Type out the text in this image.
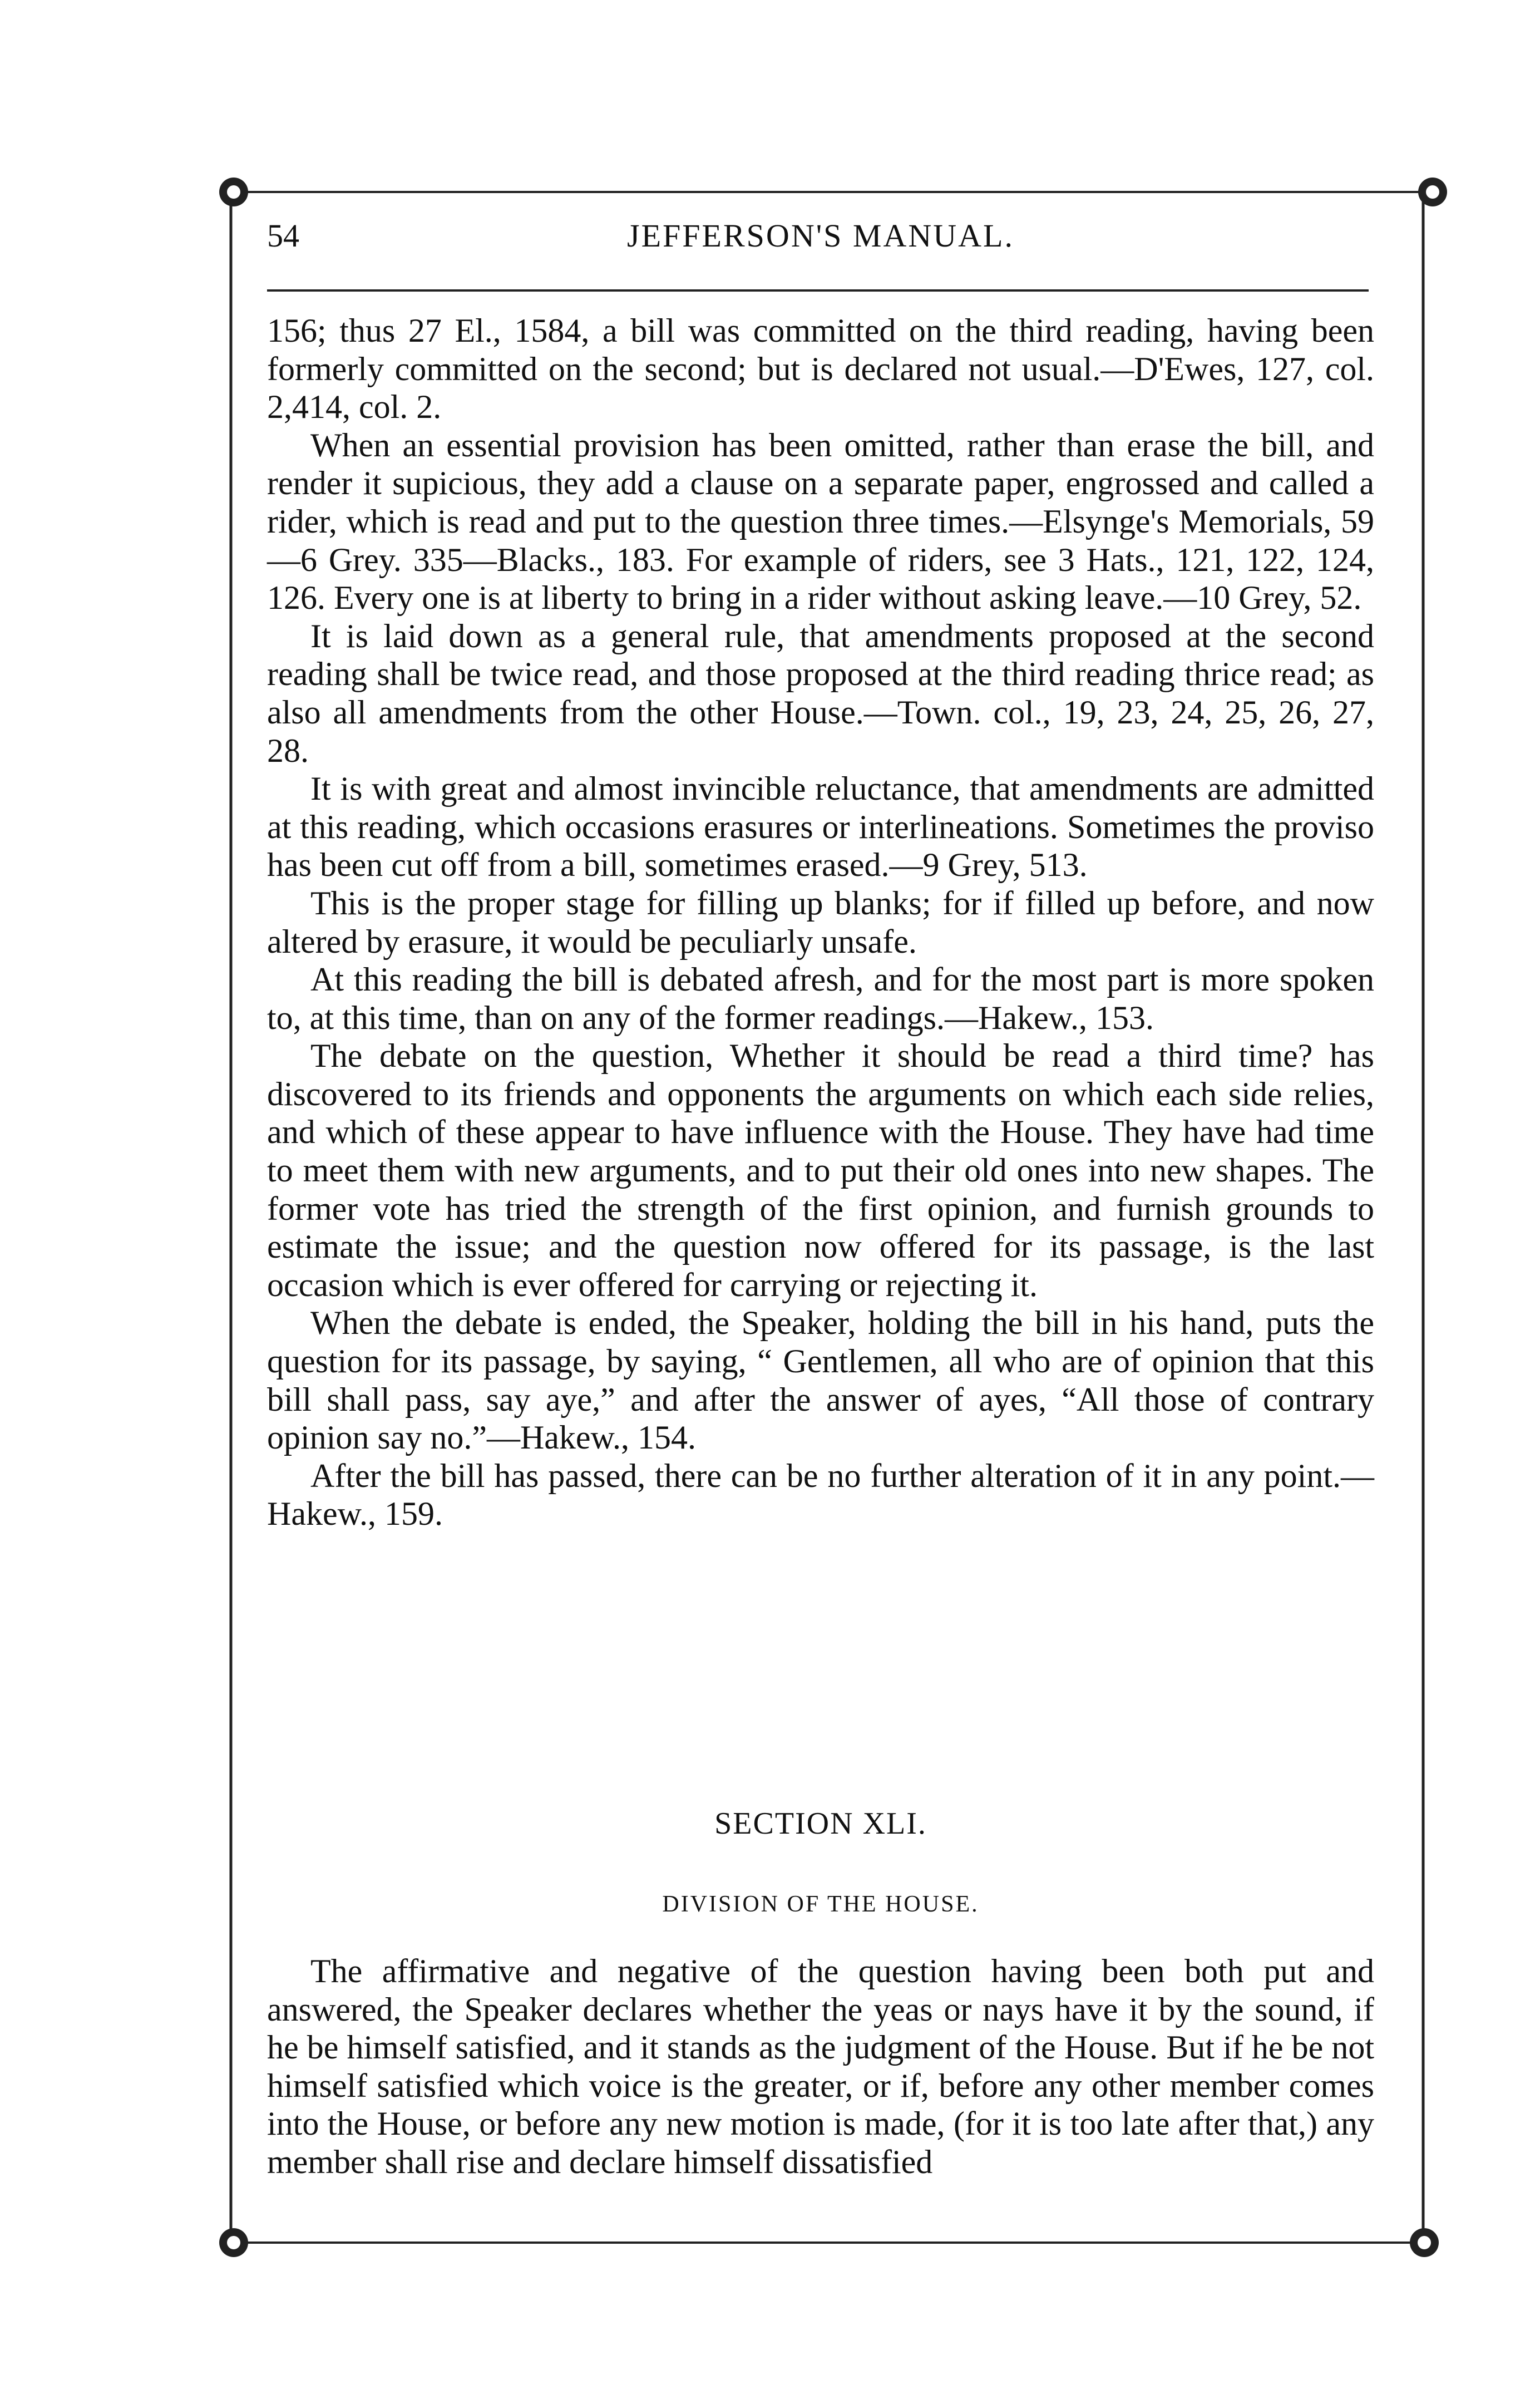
54	JEFFERSON'S MANUAL.

156; thus 27 El., 1584, a bill was committed on the third reading, having been formerly committed on the second; but is declared not usual.—D'Ewes, 127, col. 2,414, col. 2.

When an essential provision has been omitted, rather than erase the bill, and render it supicious, they add a clause on a separate paper, engrossed and called a rider, which is read and put to the question three times.—Elsynge's Memorials, 59—6 Grey. 335—Blacks., 183. For example of riders, see 3 Hats., 121, 122, 124, 126. Every one is at liberty to bring in a rider without asking leave.—10 Grey, 52.

It is laid down as a general rule, that amendments proposed at the second reading shall be twice read, and those proposed at the third reading thrice read; as also all amendments from the other House.—Town. col., 19, 23, 24, 25, 26, 27, 28.

It is with great and almost invincible reluctance, that amendments are admitted at this reading, which occasions erasures or interlineations. Sometimes the proviso has been cut off from a bill, sometimes erased.—9 Grey, 513.

This is the proper stage for filling up blanks; for if filled up before, and now altered by erasure, it would be peculiarly unsafe.

At this reading the bill is debated afresh, and for the most part is more spoken to, at this time, than on any of the former readings.—Hakew., 153.

The debate on the question, Whether it should be read a third time? has discovered to its friends and opponents the arguments on which each side relies, and which of these appear to have influence with the House. They have had time to meet them with new arguments, and to put their old ones into new shapes. The former vote has tried the strength of the first opinion, and furnish grounds to estimate the issue; and the question now offered for its passage, is the last occasion which is ever offered for carrying or rejecting it.

When the debate is ended, the Speaker, holding the bill in his hand, puts the question for its passage, by saying, “ Gentlemen, all who are of opinion that this bill shall pass, say aye,” and after the answer of ayes, “All those of contrary opinion say no.”—Hakew., 154.

After the bill has passed, there can be no further alteration of it in any point.—Hakew., 159.

SECTION XLI.
DIVISION OF THE HOUSE.

The affirmative and negative of the question having been both put and answered, the Speaker declares whether the yeas or nays have it by the sound, if he be himself satisfied, and it stands as the judgment of the House. But if he be not himself satisfied which voice is the greater, or if, before any other member comes into the House, or before any new motion is made, (for it is too late after that,) any member shall rise and declare himself dissatisfied
